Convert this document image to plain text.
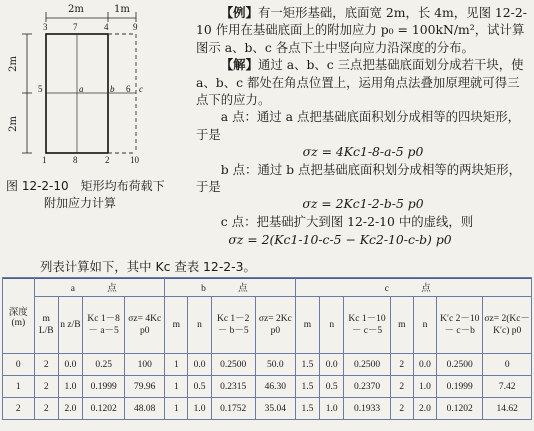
2m	1m
2m
2m
3	7	4	9
5	a	b 6 c
1	8	2 10
图 12-2-10　矩形均布荷载下
附加应力计算

【例】有一矩形基础，底面宽 2m，长 4m，见图 12-2-10 作用在基础底面上的附加应力 p₀ = 100kN/m²，试计算图示 a、b、c 各点下土中竖向应力沿深度的分布。

【解】通过 a、b、c 三点把基础底面划分成若干块，使 a、b、c 都处在角点位置上，运用角点法叠加原理就可得三点下的应力。

a 点：通过 a 点把基础底面积划分成相等的四块矩形，于是

σz = 4Kc1-8-a-5 p0

b 点：通过 b 点把基础底面积划分成相等的两块矩形，于是

σz = 2Kc1-2-b-5 p0

c 点：把基础扩大到图 12-2-10 中的虚线，则

σz = 2(Kc1-10-c-5 − Kc2-10-c-b) p0
列表计算如下，其中 Kc 查表 12-2-3。
深度 (m)	a　点				b　点				c　点						
	m L/B	n z/B	Kc 1－8－ a－5	σz= 4Kc p0	m	n	Kc 1－2－ b－5	σz= 2Kc p0	m	n	Kc 1－10－ c－5	m	n	K′c 2－10－ c－b	σz= 2(Kc－ K′c) p0
0	2	0.0	0.25	100	1	0.0	0.2500	50.0	1.5	0.0	0.2500	2	0.0	0.2500	0
1	2	1.0	0.1999	79.96	1	0.5	0.2315	46.30	1.5	0.5	0.2370	2	1.0	0.1999	7.42
2	2	2.0	0.1202	48.08	1	1.0	0.1752	35.04	1.5	1.0	0.1933	2	2.0	0.1202	14.62
